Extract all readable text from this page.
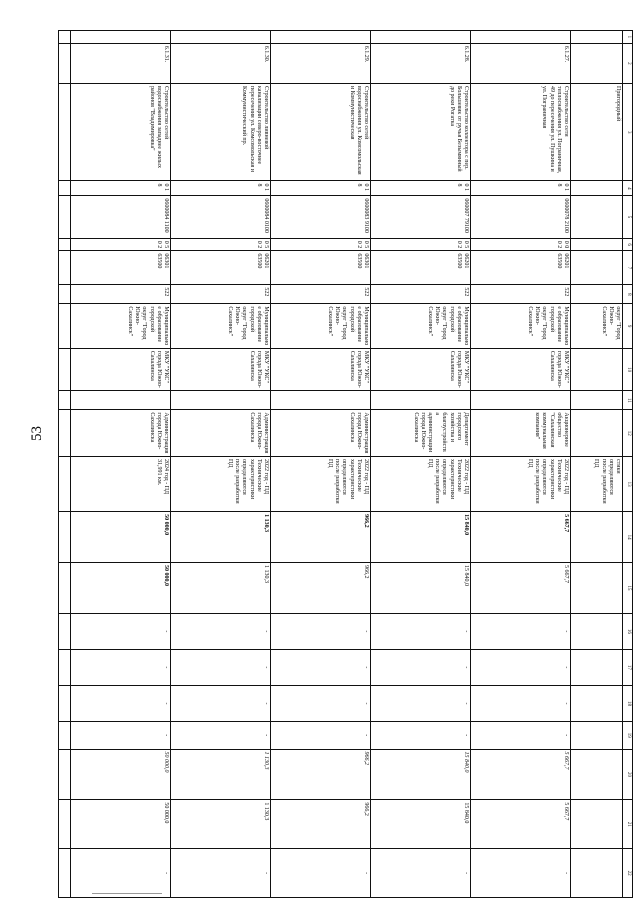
53
1	2	3	4	5	6	7	8	9	10	11	12	13	14	15	16	17	18	19	20	21	22
		Пригородный						округ "Город Южно-Сахалинск"				стики определяются после разработки ПД									
	6.1.27.	Строительство сети теплоснабжения ул. Пограничная, 49 до пересечения ул. Пушкина и ул. Пограничная	0 1 8	0600078 2100	0 0 0 2	06201 63500	522	Муниципальное образование городской округ "Город Южно-Сахалинск"	МКУ "УКС" города Южно-Сахалинска		Акционерное общество "Сахалинская коммунальная компания"	2022 год - ПД Технические характеристики определяются после разработки ПД	5 667,7	5 667,7	-	-	-	-	5 667,7	5 667,7	-
	6.1.28.	Строительство коллектора с пер. Большевик от ручья Безымянный до реки Рогатка	0 1 8	060007 79100	0 5 0 2	06201 63500	522	Муниципальное образование городской округ "Город Южно-Сахалинск"	МКУ "УКС" города Южно-Сахалинска		Департамент городского хозяйства и благоустройства администрации города Южно-Сахалинска	2022 год - ПД Технические характеристики определяются после разработки ПД	15 840,0	15 840,0	-	-	-	-	15 840,0	15 840,0	-
	6.1.29.	Строительство сетей водоснабжения ул. Комсомольская и Коммунистическая	0 1 8	0600083 9100	0 5 0 2	06301 63500	522	Муниципальное образование городской округ "Город Южно-Сахалинск"	МКУ "УКС" города Южно-Сахалинска		Администрация города Южно-Сахалинска	2022 год - ПД Технические характеристики определяются после разработки ПД	966,2	966,2	-	-	-	-	966,2	966,2	-
	6.1.30.	Строительство ливневой канализации северо-восточнее пересечения ул. Комсомольская и Коммунистический пр.	0 1 8	0600084 0100	0 5 0 2	06201 63500	522	Муниципальное образование городской округ "Город Южно-Сахалинск"	МКУ "УКС" города Южно-Сахалинска		Администрация города Южно-Сахалинска	2022 год - ПД Технические характеристики определяются после разработки ПД	1 130,3	1 130,3	-	-	-	-	1 130,3	1 130,3	-
	6.1.31.	Строительство сетей водоснабжения западнее жилых районов "Владимировка"	0 1 8	0600084 1100	0 5 0 2	06301 63500	522	Муниципальное образование городской округ "Город Южно-Сахалинск"	МКУ "УКС" города Южно-Сахалинска		Администрация города Южно-Сахалинска	2024 год - ПД 31,991 км.	50 000,0	50 000,0	-	-	-	-	50 000,0	50 000,0	-
